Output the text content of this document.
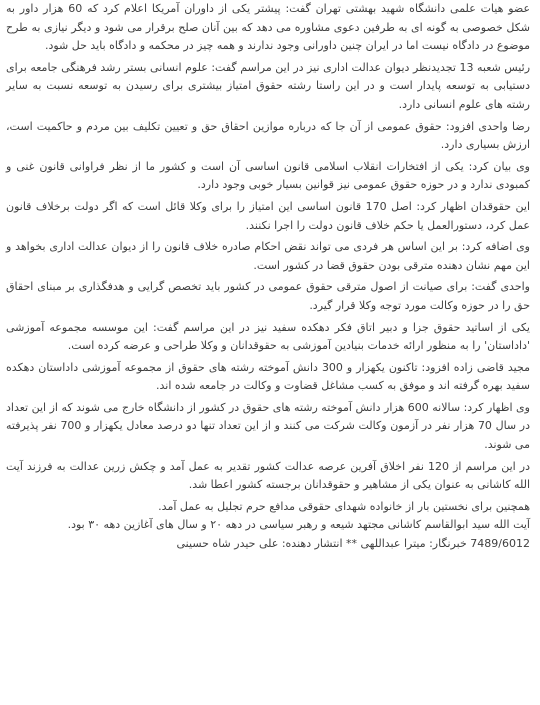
عضو هیات علمی دانشگاه شهید بهشتی تهران گفت: پیشتر یکی از داوران آمریکا اعلام کرد که 60 هزار داور به شکل خصوصی به گونه ای به طرفین دعوی مشاوره می دهد که بین آنان صلح برقرار می شود و دیگر نیازی به طرح موضوع در دادگاه نیست اما در ایران چنین داورانی وجود ندارند و همه چیز در محکمه و دادگاه باید حل شود.

رئیس شعبه 13 تجدیدنظر دیوان عدالت اداری نیز در این مراسم گفت: علوم انسانی بستر رشد فرهنگی جامعه برای دستیابی به توسعه پایدار است و در این راستا رشته حقوق امتیاز بیشتری برای رسیدن به توسعه نسبت به سایر رشته های علوم انسانی دارد.

رضا واحدی افزود: حقوق عمومی از آن جا که درباره موازین احقاق حق و تعیین تکلیف بین مردم و حاکمیت است، ارزش بسیاری دارد.

وی بیان کرد: یکی از افتخارات انقلاب اسلامی قانون اساسی آن است و کشور ما از نظر فراوانی قانون غنی و کمبودی ندارد و در حوزه حقوق عمومی نیز قوانین بسیار خوبی وجود دارد.

این حقوقدان اظهار کرد: اصل 170 قانون اساسی این امتیاز را برای وکلا قائل است که اگر دولت برخلاف قانون عمل کرد، دستورالعمل یا حکم خلاف قانون دولت را اجرا نکنند.

وی اضافه کرد: بر این اساس هر فردی می تواند نقض احکام صادره خلاف قانون را از دیوان عدالت اداری بخواهد و این مهم نشان دهنده مترقی بودن حقوق قضا در کشور است.

واحدی گفت: برای صیانت از اصول مترقی حقوق عمومی در کشور باید تخصص گرایی و هدفگذاری بر مبنای احقاق حق را در حوزه وکالت مورد توجه وکلا قرار گیرد.

یکی از اساتید حقوق جزا و دبیر اتاق فکر دهکده سفید نیز در این مراسم گفت: این موسسه مجموعه آموزشی 'داداستان' را به منظور ارائه خدمات بنیادین آموزشی به حقوقدانان و وکلا طراحی و عرضه کرده است.

مجید قاضی زاده افزود: تاکنون یکهزار و 300 دانش آموخته رشته های حقوق از مجموعه آموزشی داداستان دهکده سفید بهره گرفته اند و موفق به کسب مشاغل قضاوت و وکالت در جامعه شده اند.

وی اظهار کرد: سالانه 600 هزار دانش آموخته رشته های حقوق در کشور از دانشگاه خارج می شوند که از این تعداد در سال 70 هزار نفر در آزمون وکالت شرکت می کنند و از این تعداد تنها دو درصد معادل یکهزار و 700 نفر پذیرفته می شوند.

در این مراسم از 120 نفر اخلاق آفرین عرصه عدالت کشور تقدیر به عمل آمد و چکش زرین عدالت به فرزند آیت الله کاشانی به عنوان یکی از مشاهیر و حقوقدانان برجسته کشور اعطا شد.

همچنین برای نخستین بار از خانواده شهدای حقوقی مدافع حرم تجلیل به عمل آمد.

آیت الله سید ابوالقاسم کاشانی مجتهد شیعه و رهبر سیاسی در دهه ۲۰ و سال های آغازین دهه ۳۰ بود.

7489/6012 خبرنگار: میترا عبداللهی ** انتشار دهنده: علی حیدر شاه حسینی
